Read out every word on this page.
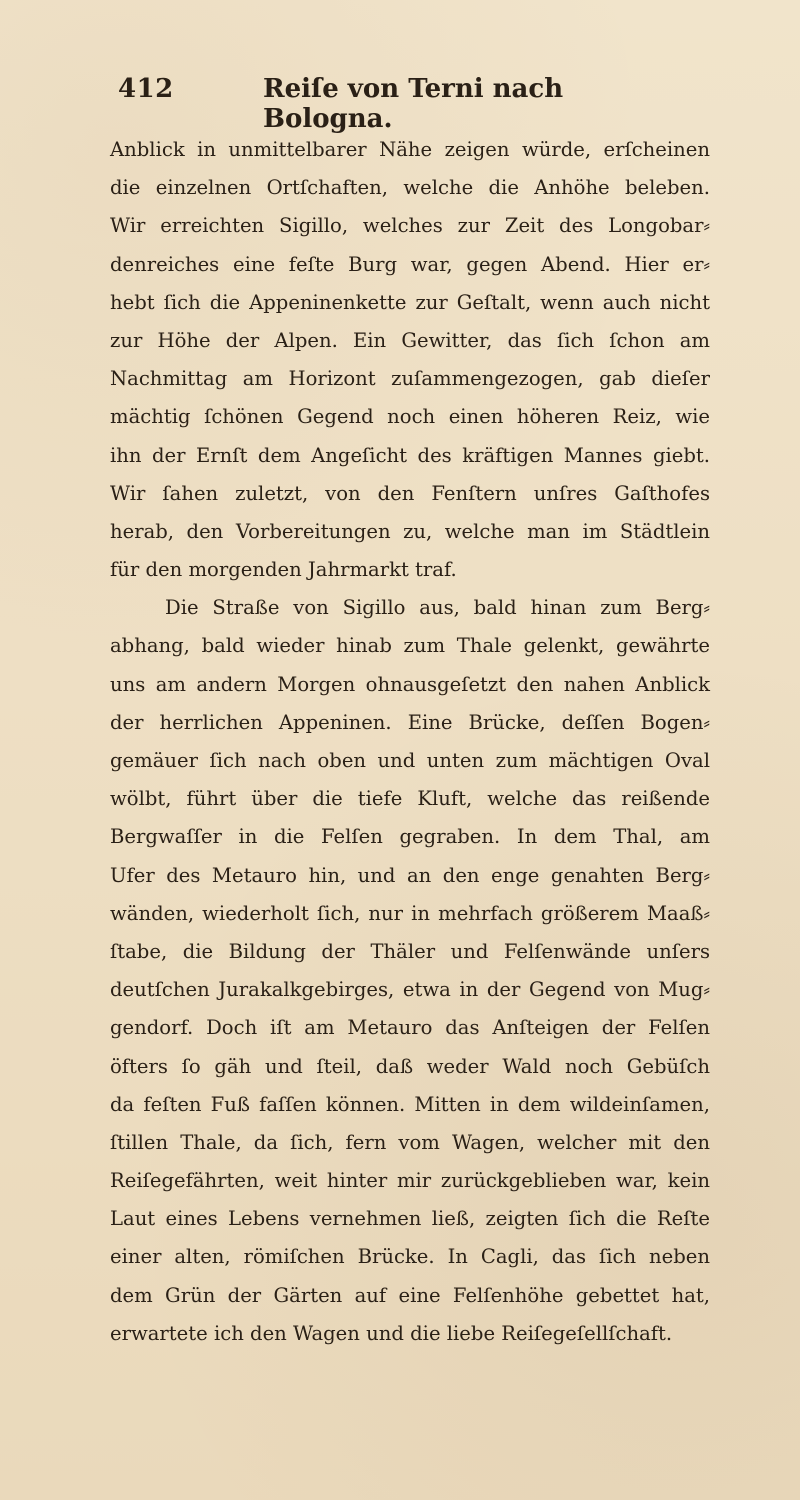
412	Reiſe von Terni nach Bologna.
Anblick in unmittelbarer Nähe zeigen würde, erſcheinen
die einzelnen Ortſchaften, welche die Anhöhe beleben.
Wir erreichten Sigillo, welches zur Zeit des Longobar⸗
denreiches eine feſte Burg war, gegen Abend. Hier er⸗
hebt ſich die Appeninenkette zur Geſtalt, wenn auch nicht
zur Höhe der Alpen. Ein Gewitter, das ſich ſchon am
Nachmittag am Horizont zuſammengezogen, gab dieſer
mächtig ſchönen Gegend noch einen höheren Reiz, wie
ihn der Ernſt dem Angeſicht des kräftigen Mannes giebt.
Wir ſahen zuletzt, von den Fenſtern unſres Gaſthofes
herab, den Vorbereitungen zu, welche man im Städtlein
für den morgenden Jahrmarkt traf.
Die Straße von Sigillo aus, bald hinan zum Berg⸗
abhang, bald wieder hinab zum Thale gelenkt, gewährte
uns am andern Morgen ohnausgeſetzt den nahen Anblick
der herrlichen Appeninen. Eine Brücke, deſſen Bogen⸗
gemäuer ſich nach oben und unten zum mächtigen Oval
wölbt, führt über die tiefe Kluft, welche das reißende
Bergwaſſer in die Felſen gegraben. In dem Thal, am
Ufer des Metauro hin, und an den enge genahten Berg⸗
wänden, wiederholt ſich, nur in mehrfach größerem Maaß⸗
ſtabe, die Bildung der Thäler und Felſenwände unſers
deutſchen Jurakalkgebirges, etwa in der Gegend von Mug⸗
gendorf. Doch iſt am Metauro das Anſteigen der Felſen
öfters ſo gäh und ſteil, daß weder Wald noch Gebüſch
da feſten Fuß faſſen können. Mitten in dem wildeinſamen,
ſtillen Thale, da ſich, fern vom Wagen, welcher mit den
Reiſegefährten, weit hinter mir zurückgeblieben war, kein
Laut eines Lebens vernehmen ließ, zeigten ſich die Reſte
einer alten, römiſchen Brücke. In Cagli, das ſich neben
dem Grün der Gärten auf eine Felſenhöhe gebettet hat,
erwartete ich den Wagen und die liebe Reiſegeſellſchaft.
